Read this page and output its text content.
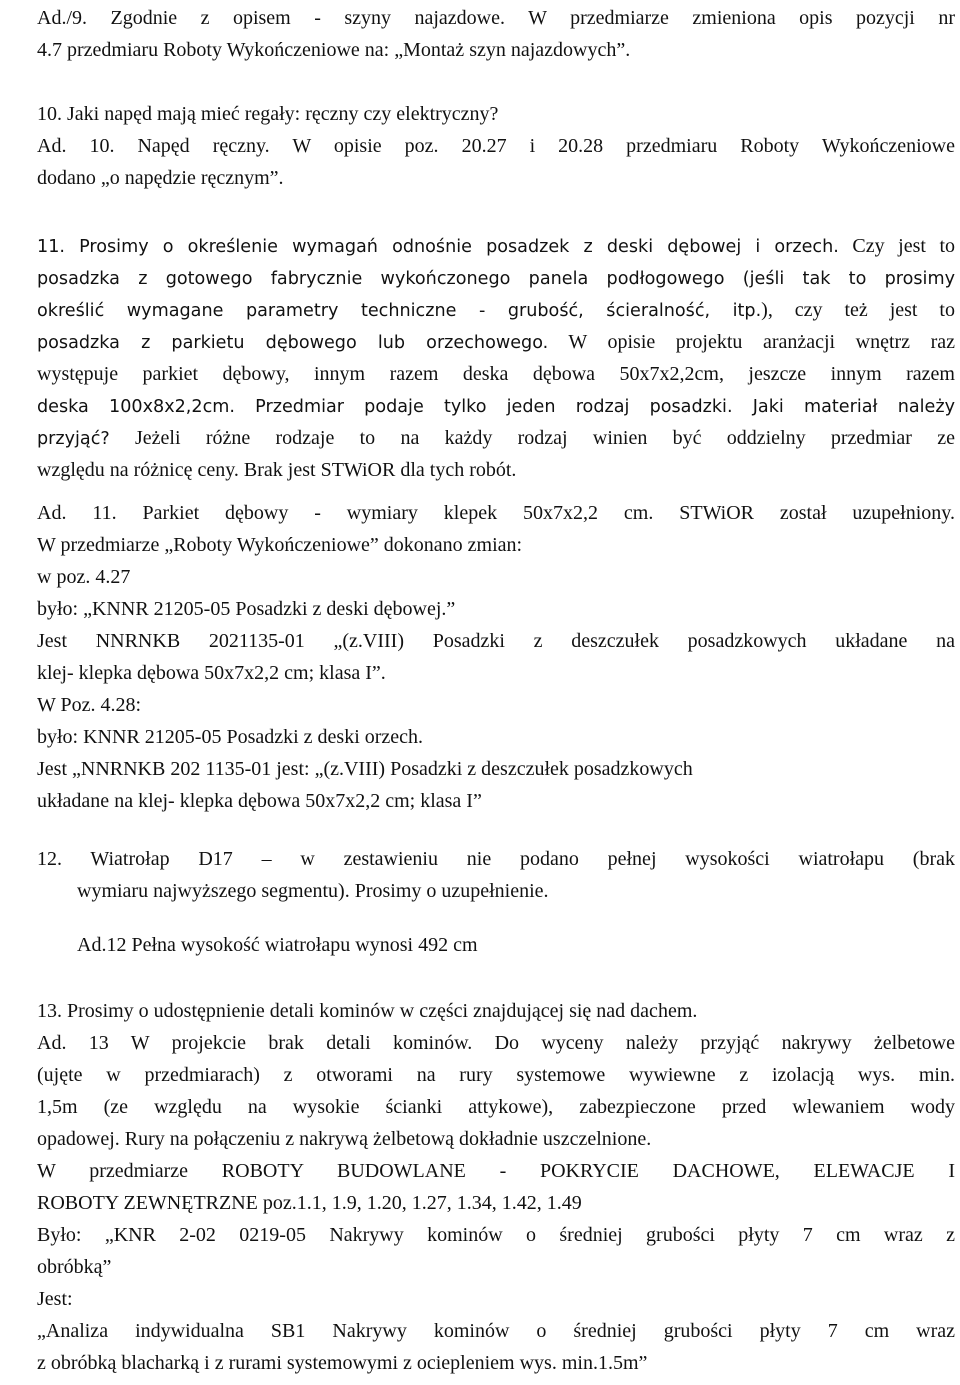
Ad./9. Zgodnie z opisem - szyny najazdowe. W przedmiarze zmieniona opis pozycji nr
4.7 przedmiaru Roboty Wykończeniowe na: „Montaż szyn najazdowych”.
10. Jaki napęd mają mieć regały: ręczny czy elektryczny?
Ad. 10. Napęd ręczny. W opisie poz. 20.27 i 20.28 przedmiaru Roboty Wykończeniowe
dodano „o napędzie ręcznym”.
11. Prosimy o określenie wymagań odnośnie posadzek z deski dębowej i orzech. Czy jest to
posadzka z gotowego fabrycznie wykończonego panela podłogowego (jeśli tak to prosimy
określić wymagane parametry techniczne - grubość, ścieralność, itp.), czy też jest to
posadzka z parkietu dębowego lub orzechowego. W opisie projektu aranżacji wnętrz raz
występuje parkiet dębowy, innym razem deska dębowa 50x7x2,2cm, jeszcze innym razem
deska 100x8x2,2cm. Przedmiar podaje tylko jeden rodzaj posadzki. Jaki materiał należy
przyjąć? Jeżeli różne rodzaje to na każdy rodzaj winien być oddzielny przedmiar ze
względu na różnicę ceny. Brak jest STWiOR dla tych robót.
Ad. 11. Parkiet dębowy - wymiary klepek 50x7x2,2 cm. STWiOR został uzupełniony.
W przedmiarze „Roboty Wykończeniowe” dokonano zmian:
w poz. 4.27
było: „KNNR 21205-05 Posadzki z deski dębowej.”
Jest NNRNKB 2021135-01 „(z.VIII) Posadzki z deszczułek posadzkowych układane na
klej- klepka dębowa 50x7x2,2 cm; klasa I”.
W Poz. 4.28:
było: KNNR 21205-05 Posadzki z deski orzech.
Jest „NNRNKB 202 1135-01 jest: „(z.VIII) Posadzki z deszczułek posadzkowych
układane na klej- klepka dębowa 50x7x2,2 cm; klasa I”
12. Wiatrołap D17 – w zestawieniu nie podano pełnej wysokości wiatrołapu (brak
wymiaru najwyższego segmentu). Prosimy o uzupełnienie.
Ad.12 Pełna wysokość wiatrołapu wynosi 492 cm
13. Prosimy o udostępnienie detali kominów w części znajdującej się nad dachem.
Ad. 13 W projekcie brak detali kominów. Do wyceny należy przyjąć nakrywy żelbetowe
(ujęte w przedmiarach) z otworami na rury systemowe wywiewne z izolacją wys. min.
1,5m (ze względu na wysokie ścianki attykowe), zabezpieczone przed wlewaniem wody
opadowej. Rury na połączeniu z nakrywą żelbetową dokładnie uszczelnione.
W przedmiarze ROBOTY BUDOWLANE - POKRYCIE DACHOWE, ELEWACJE I
ROBOTY ZEWNĘTRZNE poz.1.1, 1.9, 1.20, 1.27, 1.34, 1.42, 1.49
Było: „KNR 2-02 0219-05 Nakrywy kominów o średniej grubości płyty 7 cm wraz z
obróbką”
Jest:
„Analiza indywidualna SB1 Nakrywy kominów o średniej grubości płyty 7 cm wraz
z obróbką blacharką i z rurami systemowymi z ociepleniem wys. min.1.5m”
